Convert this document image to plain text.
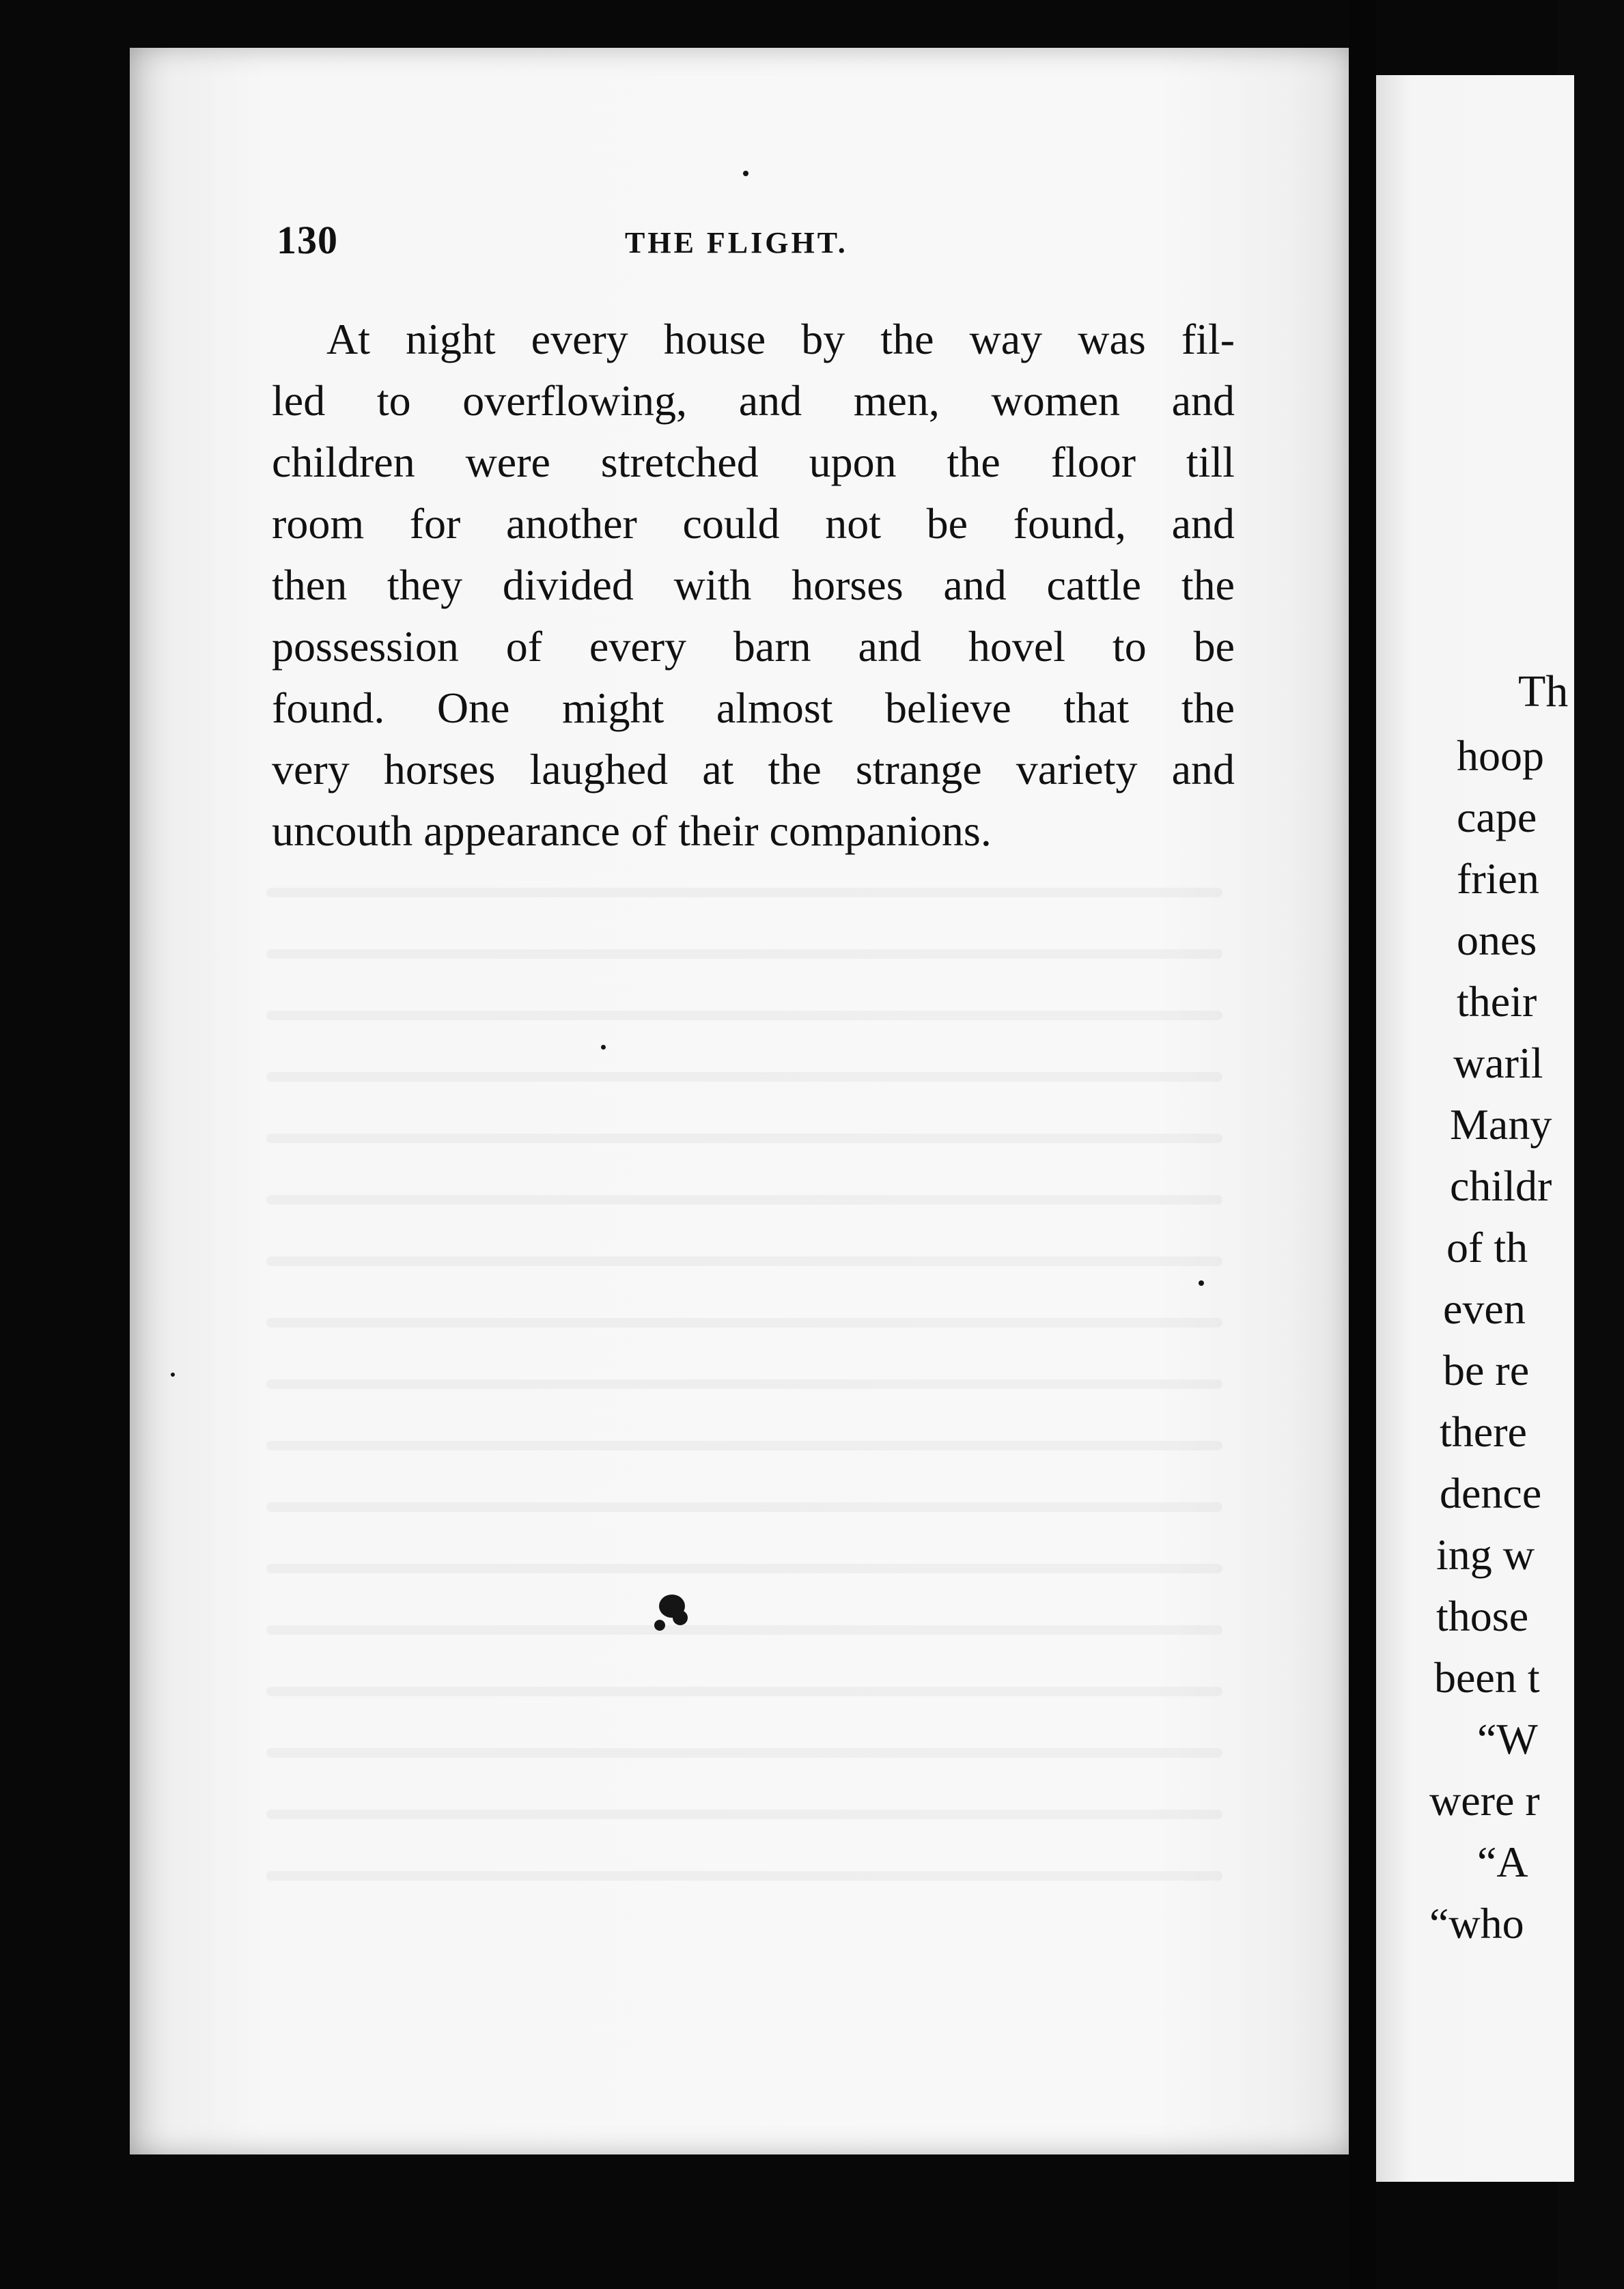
130	THE FLIGHT.
At night every house by the way was fil-
led to overflowing, and men, women and
children were stretched upon the floor till
room for another could not be found, and
then they divided with horses and cattle the
possession of every barn and hovel to be
found. One might almost believe that the
very horses laughed at the strange variety and
uncouth appearance of their companions.
Th
hoop
cape
frien
ones
their
waril
Many
childr
of th
even
be re
there
dence
ing w
those
been t
“W
were r
“A
“who
